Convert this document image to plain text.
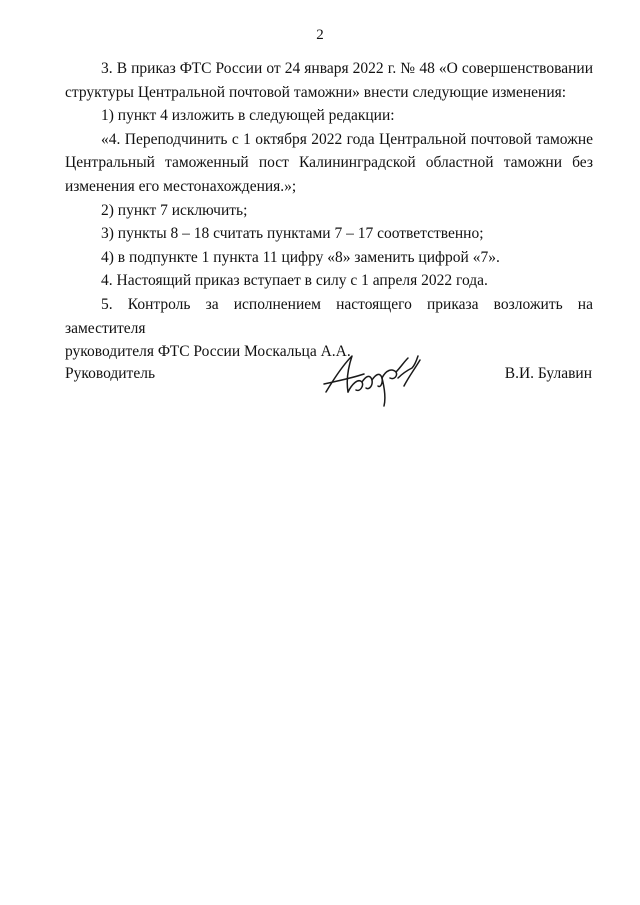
2

3. В приказ ФТС России от 24 января 2022 г. № 48 «О совершенствовании

структуры Центральной почтовой таможни» внести следующие изменения:

1) пункт 4 изложить в следующей редакции:

«4. Переподчинить с 1 октября 2022 года Центральной почтовой таможне

Центральный таможенный пост Калининградской областной таможни без

изменения его местонахождения.»;

2) пункт 7 исключить;

3) пункты 8 – 18 считать пунктами 7 – 17 соответственно;

4) в подпункте 1 пункта 11 цифру «8» заменить цифрой «7».

4. Настоящий приказ вступает в силу с 1 апреля 2022 года.

5. Контроль за исполнением настоящего приказа возложить на заместителя

руководителя ФТС России Москальца А.А.

Руководитель	В.И. Булавин
